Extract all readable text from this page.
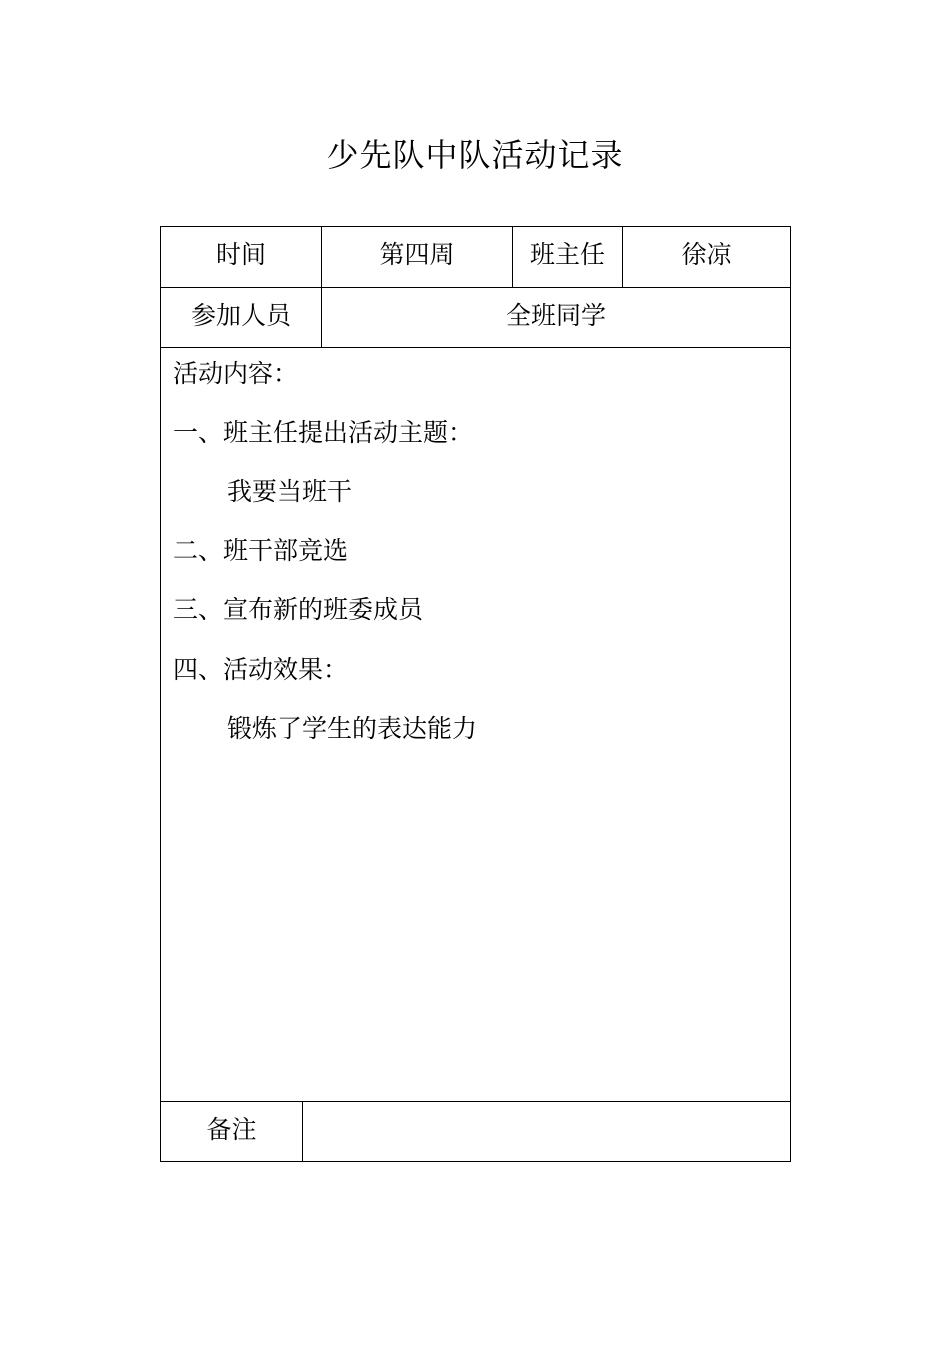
少先队中队活动记录
时间	第四周	班主任	徐凉
参加人员	全班同学
活动内容：
一、班主任提出活动主题：
我要当班干
二、班干部竞选
三、宣布新的班委成员
四、活动效果：
锻炼了学生的表达能力
备注
